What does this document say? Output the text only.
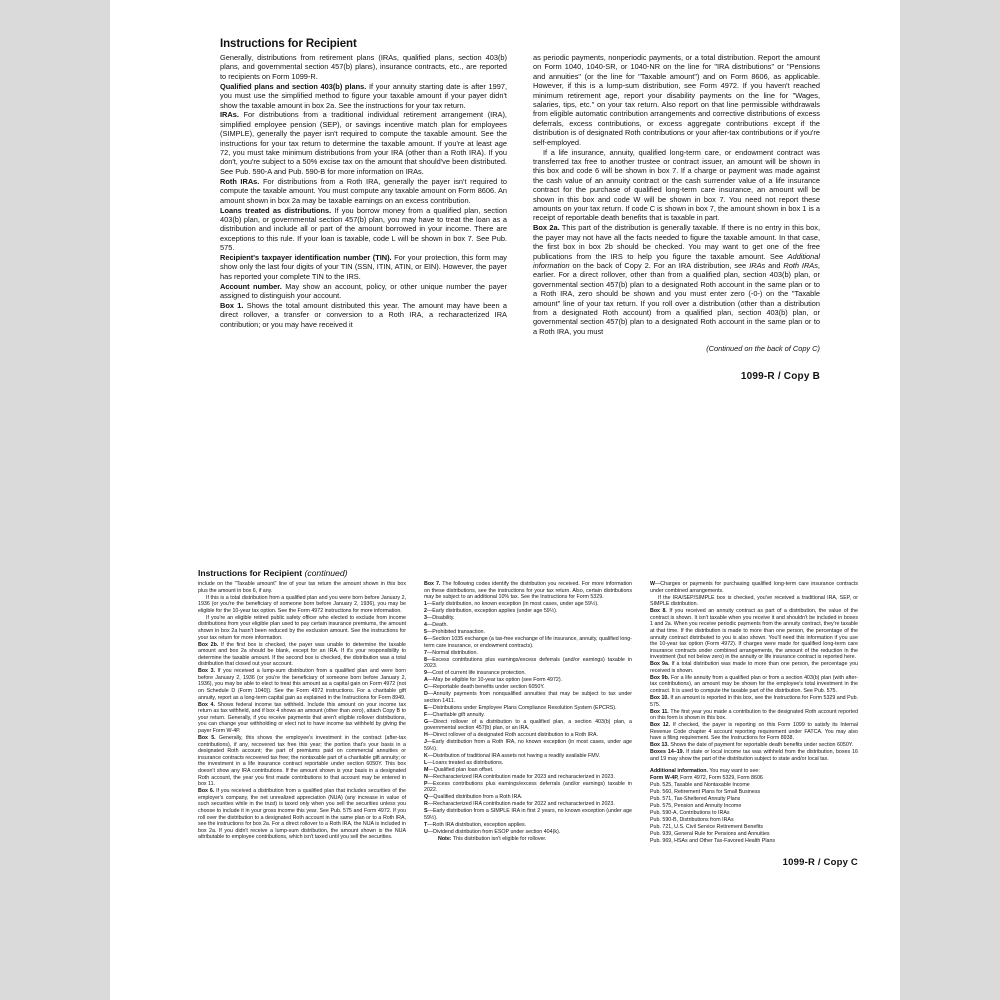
Instructions for Recipient

Generally, distributions from retirement plans (IRAs, qualified plans, section 403(b) plans, and governmental section 457(b) plans), insurance contracts, etc., are reported to recipients on Form 1099-R.

Qualified plans and section 403(b) plans. If your annuity starting date is after 1997, you must use the simplified method to figure your taxable amount if your payer didn't show the taxable amount in box 2a. See the instructions for your tax return.

IRAs. For distributions from a traditional individual retirement arrangement (IRA), simplified employee pension (SEP), or savings incentive match plan for employees (SIMPLE), generally the payer isn't required to compute the taxable amount. See the instructions for your tax return to determine the taxable amount. If you're at least age 72, you must take minimum distributions from your IRA (other than a Roth IRA). If you don't, you're subject to a 50% excise tax on the amount that should've been distributed. See Pub. 590-A and Pub. 590-B for more information on IRAs.

Roth IRAs. For distributions from a Roth IRA, generally the payer isn't required to compute the taxable amount. You must compute any taxable amount on Form 8606. An amount shown in box 2a may be taxable earnings on an excess contribution.

Loans treated as distributions. If you borrow money from a qualified plan, section 403(b) plan, or governmental section 457(b) plan, you may have to treat the loan as a distribution and include all or part of the amount borrowed in your income. There are exceptions to this rule. If your loan is taxable, code L will be shown in box 7. See Pub. 575.

Recipient's taxpayer identification number (TIN). For your protection, this form may show only the last four digits of your TIN (SSN, ITIN, ATIN, or EIN). However, the payer has reported your complete TIN to the IRS.

Account number. May show an account, policy, or other unique number the payer assigned to distinguish your account.

Box 1. Shows the total amount distributed this year. The amount may have been a direct rollover, a transfer or conversion to a Roth IRA, a recharacterized IRA contribution; or you may have received it

as periodic payments, nonperiodic payments, or a total distribution. Report the amount on Form 1040, 1040-SR, or 1040-NR on the line for "IRA distributions" or "Pensions and annuities" (or the line for "Taxable amount") and on Form 8606, as applicable. However, if this is a lump-sum distribution, see Form 4972. If you haven't reached minimum retirement age, report your disability payments on the line for "Wages, salaries, tips, etc." on your tax return. Also report on that line permissible withdrawals from eligible automatic contribution arrangements and corrective distributions of excess deferrals, excess contributions, or excess aggregate contributions except if the distribution is of designated Roth contributions or your after-tax contributions or if you're self-employed.

If a life insurance, annuity, qualified long-term care, or endowment contract was transferred tax free to another trustee or contract issuer, an amount will be shown in this box and code 6 will be shown in box 7. If a charge or payment was made against the cash value of an annuity contract or the cash surrender value of a life insurance contract for the purchase of qualified long-term care insurance, an amount will be shown in this box and code W will be shown in box 7. You need not report these amounts on your tax return. If code C is shown in box 7, the amount shown in box 1 is a receipt of reportable death benefits that is taxable in part.

Box 2a. This part of the distribution is generally taxable. If there is no entry in this box, the payer may not have all the facts needed to figure the taxable amount. In that case, the first box in box 2b should be checked. You may want to get one of the free publications from the IRS to help you figure the taxable amount. See Additional information on the back of Copy 2. For an IRA distribution, see IRAs and Roth IRAs, earlier. For a direct rollover, other than from a qualified plan, section 403(b) plan, or governmental section 457(b) plan to a designated Roth account in the same plan or to a Roth IRA, zero should be shown and you must enter zero (-0-) on the "Taxable amount" line of your tax return. If you roll over a distribution (other than a distribution from a designated Roth account) from a qualified plan, section 403(b) plan, or governmental section 457(b) plan to a designated Roth account in the same plan or to a Roth IRA, you must

(Continued on the back of Copy C)
1099-R / Copy B
Instructions for Recipient (continued)

include on the "Taxable amount" line of your tax return the amount shown in this box plus the amount in box 6, if any.

If this is a total distribution from a qualified plan and you were born before January 2, 1936 (or you're the beneficiary of someone born before January 2, 1936), you may be eligible for the 10-year tax option. See the Form 4972 instructions for more information.

If you're an eligible retired public safety officer who elected to exclude from income distributions from your eligible plan used to pay certain insurance premiums, the amount shown in box 2a hasn't been reduced by the exclusion amount. See the instructions for your tax return for more information.

Box 2b. If the first box is checked, the payer was unable to determine the taxable amount and box 2a should be blank, except for an IRA. If it's your responsibility to determine the taxable amount. If the second box is checked, the distribution was a total distribution that closed out your account.

Box 3. If you received a lump-sum distribution from a qualified plan and were born before January 2, 1936 (or you're the beneficiary of someone born before January 2, 1936), you may be able to elect to treat this amount as a capital gain on Form 4972 (not on Schedule D (Form 1040)). See the Form 4972 instructions. For a charitable gift annuity, report as a long-term capital gain as explained in the Instructions for Form 8949.

Box 4. Shows federal income tax withheld. Include this amount on your income tax return as tax withheld, and if box 4 shows an amount (other than zero), attach Copy B to your return. Generally, if you receive payments that aren't eligible rollover distributions, you can change your withholding or elect not to have income tax withheld by giving the payer Form W-4P.

Box 5. Generally, this shows the employee's investment in the contract (after-tax contributions), if any, recovered tax free this year; the portion that's your basis in a designated Roth account; the part of premiums paid on commercial annuities or insurance contracts recovered tax free; the nontaxable part of a charitable gift annuity; or the investment in a life insurance contract reportable under section 6050Y. This box doesn't show any IRA contributions. If the amount shown is your basis in a designated Roth account, the year you first made contributions to that account may be entered in box 11.

Box 6. If you received a distribution from a qualified plan that includes securities of the employer's company, the net unrealized appreciation (NUA) (any increase in value of such securities while in the trust) is taxed only when you sell the securities unless you choose to include it in your gross income this year. See Pub. 575 and Form 4972. If you roll over the distribution to a designated Roth account in the same plan or to a Roth IRA, see the instructions for box 2a. For a direct rollover to a Roth IRA, the NUA is included in box 2a. If you didn't receive a lump-sum distribution, the amount shown is the NUA attributable to employee contributions, which isn't taxed until you sell the securities.

Box 7. The following codes identify the distribution you received. For more information on these distributions, see the instructions for your tax return. Also, certain distributions may be subject to an additional 10% tax. See the Instructions for Form 5329.

1—Early distribution, no known exception (in most cases, under age 59½).

2—Early distribution, exception applies (under age 59½).

3—Disability.

4—Death.

5—Prohibited transaction.

6—Section 1035 exchange (a tax-free exchange of life insurance, annuity, qualified long-term care insurance, or endowment contracts).

7—Normal distribution.

8—Excess contributions plus earnings/excess deferrals (and/or earnings) taxable in 2023.

9—Cost of current life insurance protection.

A—May be eligible for 10-year tax option (see Form 4972).

C—Reportable death benefits under section 6050Y.

D—Annuity payments from nonqualified annuities that may be subject to tax under section 1411.

E—Distributions under Employee Plans Compliance Resolution System (EPCRS).

F—Charitable gift annuity.

G—Direct rollover of a distribution to a qualified plan, a section 403(b) plan, a governmental section 457(b) plan, or an IRA.

H—Direct rollover of a designated Roth account distribution to a Roth IRA.

J—Early distribution from a Roth IRA, no known exception (in most cases, under age 59½).

K—Distribution of traditional IRA assets not having a readily available FMV.

L—Loans treated as distributions.

M—Qualified plan loan offset.

N—Recharacterized IRA contribution made for 2023 and recharacterized in 2023.

P—Excess contributions plus earnings/excess deferrals (and/or earnings) taxable in 2022.

Q—Qualified distribution from a Roth IRA.

R—Recharacterized IRA contribution made for 2022 and recharacterized in 2023.

S—Early distribution from a SIMPLE IRA in first 2 years, no known exception (under age 59½).

T—Roth IRA distribution, exception applies.

U—Dividend distribution from ESOP under section 404(k).

Note: This distribution isn't eligible for rollover.

W—Charges or payments for purchasing qualified long-term care insurance contracts under combined arrangements.

If the IRA/SEP/SIMPLE box is checked, you've received a traditional IRA, SEP, or SIMPLE distribution.

Box 8. If you received an annuity contract as part of a distribution, the value of the contract is shown. It isn't taxable when you receive it and shouldn't be included in boxes 1 and 2a. When you receive periodic payments from the annuity contract, they're taxable at that time. If the distribution is made to more than one person, the percentage of the annuity contract distributed to you is also shown. You'll need this information if you use the 10-year tax option (Form 4972). If charges were made for qualified long-term care insurance contracts under combined arrangements, the amount of the reduction in the investment (but not below zero) in the annuity or life insurance contract is reported here.

Box 9a. If a total distribution was made to more than one person, the percentage you received is shown.

Box 9b. For a life annuity from a qualified plan or from a section 403(b) plan (with after-tax contributions), an amount may be shown for the employee's total investment in the contract. It is used to compute the taxable part of the distribution. See Pub. 575.

Box 10. If an amount is reported in this box, see the Instructions for Form 5329 and Pub. 575.

Box 11. The first year you made a contribution to the designated Roth account reported on this form is shown in this box.

Box 12. If checked, the payer is reporting on this Form 1099 to satisfy its Internal Revenue Code chapter 4 account reporting requirement under FATCA. You may also have a filing requirement. See the Instructions for Form 8938.

Box 13. Shows the date of payment for reportable death benefits under section 6050Y.

Boxes 14–19. If state or local income tax was withheld from the distribution, boxes 16 and 19 may show the part of the distribution subject to state and/or local tax.

Additional information. You may want to see:

Form W-4P, Form 4972, Form 5329, Form 8606

Pub. 525, Taxable and Nontaxable Income

Pub. 560, Retirement Plans for Small Business

Pub. 571, Tax-Sheltered Annuity Plans

Pub. 575, Pension and Annuity Income

Pub. 590-A, Contributions to IRAs

Pub. 590-B, Distributions from IRAs

Pub. 721, U.S. Civil Service Retirement Benefits

Pub. 939, General Rule for Pensions and Annuities

Pub. 969, HSAs and Other Tax-Favored Health Plans

1099-R / Copy C
